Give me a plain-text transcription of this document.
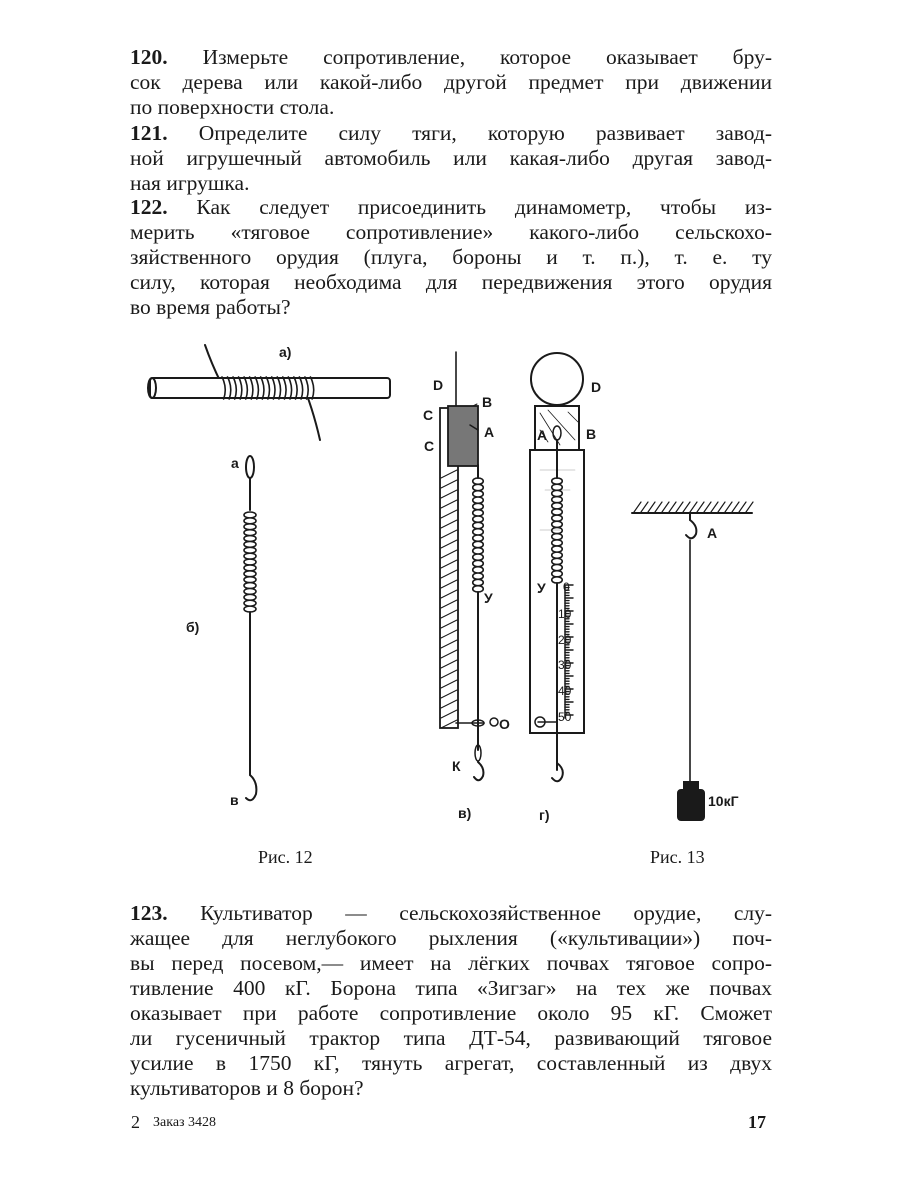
120. Измерьте сопротивление, которое оказывает бру-
сок дерева или какой-либо другой предмет при движении
по поверхности стола.
121. Определите силу тяги, которую развивает завод-
ной игрушечный автомобиль или какая-либо другая завод-
ная игрушка.
122. Как следует присоединить динамометр, чтобы из-
мерить «тяговое сопротивление» какого-либо сельскохо-
зяйственного орудия (плуга, бороны и т. п.), т. е. ту
силу, которая необходима для передвижения этого орудия
во время работы?
а)
а
б)
в
D
C
C
B
A
У
О
К
в)
D
B
A
У
г)
0
10
20
30
40
50
А
10кГ
Рис. 12	Рис. 13
123. Культиватор — сельскохозяйственное орудие, слу-
жащее для неглубокого рыхления («культивации») поч-
вы перед посевом,— имеет на лёгких почвах тяговое сопро-
тивление 400 кГ. Борона типа «Зигзаг» на тех же почвах
оказывает при работе сопротивление около 95 кГ. Сможет
ли гусеничный трактор типа ДТ-54, развивающий тяговое
усилие в 1750 кГ, тянуть агрегат, составленный из двух
культиваторов и 8 борон?
2 Заказ 3428	17
